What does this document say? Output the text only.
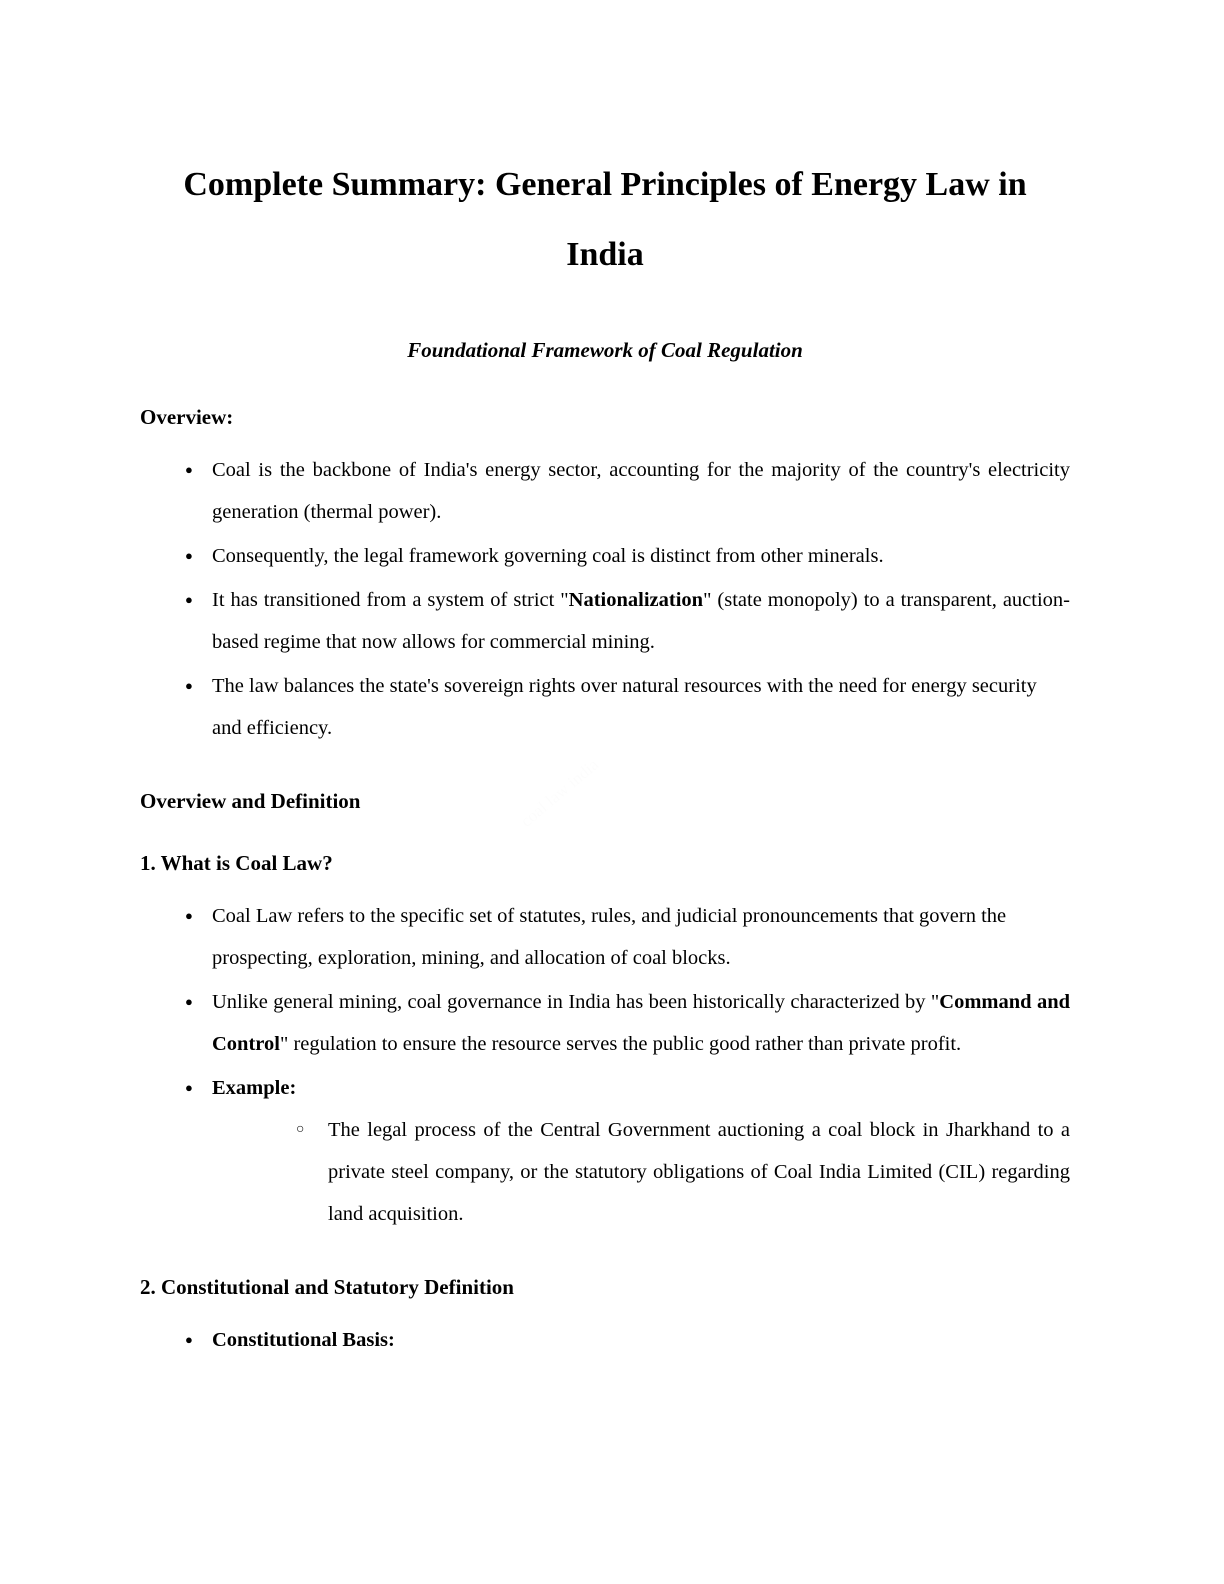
Complete Summary: General Principles of Energy Law in India
Foundational Framework of Coal Regulation
Overview:
● Coal is the backbone of India's energy sector, accounting for the majority of the country's electricity generation (thermal power).
● Consequently, the legal framework governing coal is distinct from other minerals.
● It has transitioned from a system of strict "Nationalization" (state monopoly) to a transparent, auction-based regime that now allows for commercial mining.
● The law balances the state's sovereign rights over natural resources with the need for energy security and efficiency.
Overview and Definition
1. What is Coal Law?
● Coal Law refers to the specific set of statutes, rules, and judicial pronouncements that govern the prospecting, exploration, mining, and allocation of coal blocks.
● Unlike general mining, coal governance in India has been historically characterized by "Command and Control" regulation to ensure the resource serves the public good rather than private profit.
● Example:
○ The legal process of the Central Government auctioning a coal block in Jharkhand to a private steel company, or the statutory obligations of Coal India Limited (CIL) regarding land acquisition.
2. Constitutional and Statutory Definition
● Constitutional Basis:
